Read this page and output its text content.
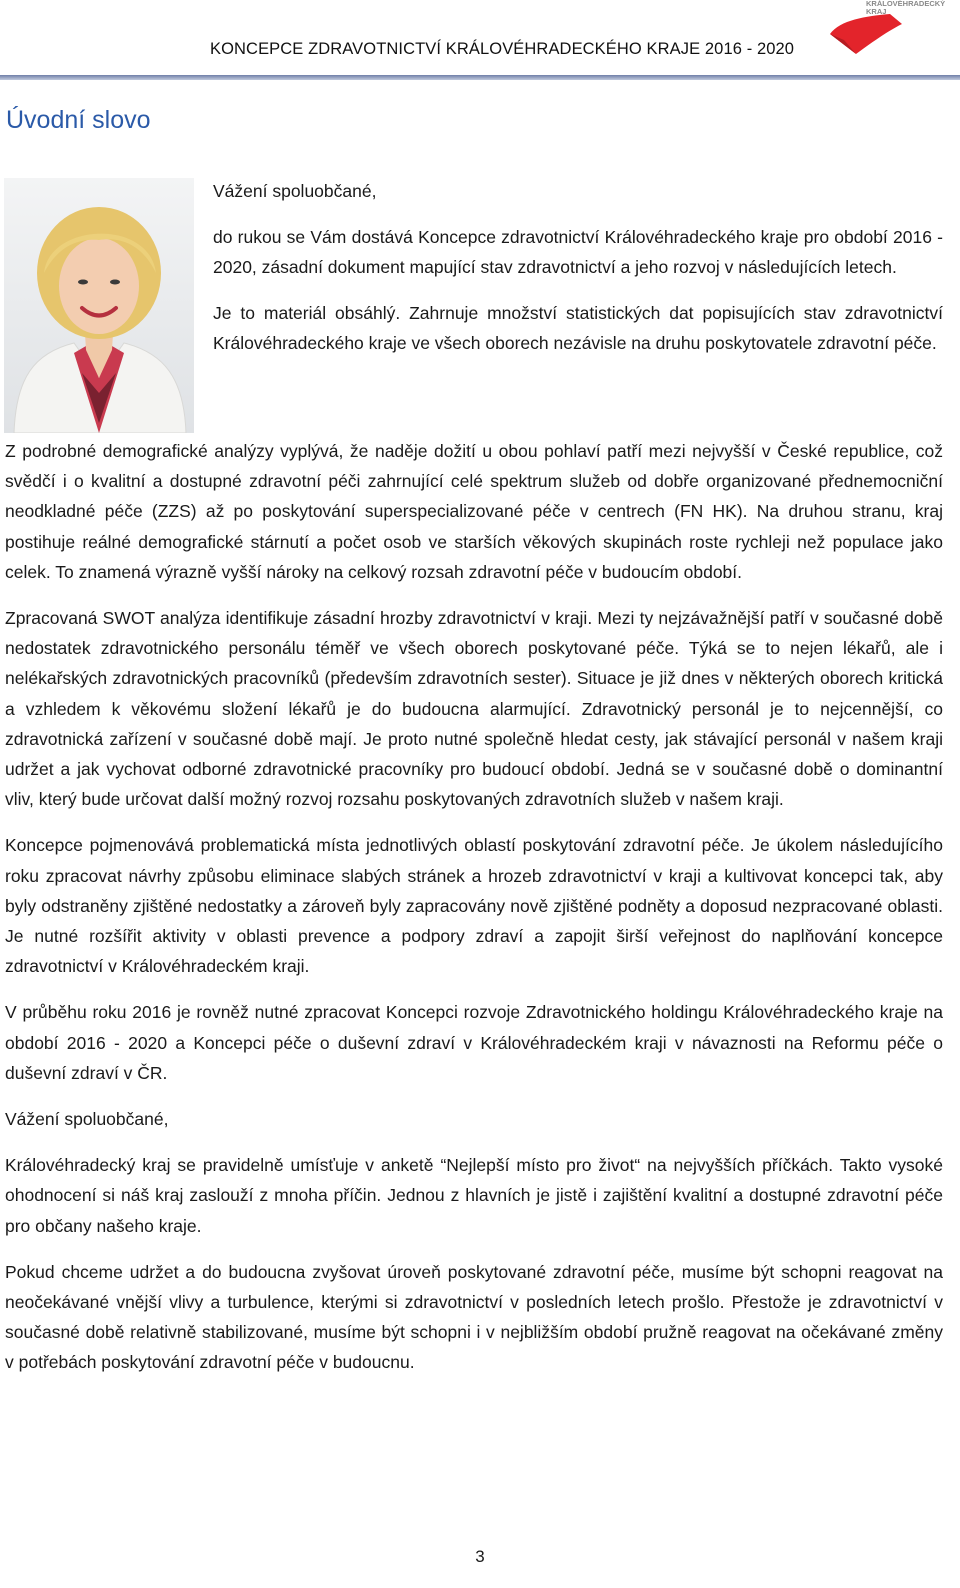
KONCEPCE ZDRAVOTNICTVÍ KRÁLOVÉHRADECKÉHO KRAJE 2016 - 2020
KRÁLOVÉHRADECKÝ
KRAJ
Úvodní slovo

Vážení spoluobčané,

do rukou se Vám dostává Koncepce zdravotnictví Královéhradeckého kraje pro období 2016 - 2020, zásadní dokument mapující stav zdravotnictví a jeho rozvoj v následujících letech.

Je to materiál obsáhlý. Zahrnuje množství statistických dat popisujících stav zdravotnictví Královéhradeckého kraje ve všech oborech nezávisle na druhu poskytovatele zdravotní péče.

Z podrobné demografické analýzy vyplývá, že naděje dožití u obou pohlaví patří mezi nejvyšší v České republice, což svědčí i o kvalitní a dostupné zdravotní péči zahrnující celé spektrum služeb od dobře organizované přednemocniční neodkladné péče (ZZS) až po poskytování superspecializované péče v centrech (FN HK). Na druhou stranu, kraj postihuje reálné demografické stárnutí a počet osob ve starších věkových skupinách roste rychleji než populace jako celek. To znamená výrazně vyšší nároky na celkový rozsah zdravotní péče v budoucím období.

Zpracovaná SWOT analýza identifikuje zásadní hrozby zdravotnictví v kraji. Mezi ty nejzávažnější patří v současné době nedostatek zdravotnického personálu téměř ve všech oborech poskytované péče. Týká se to nejen lékařů, ale i nelékařských zdravotnických pracovníků (především zdravotních sester). Situace je již dnes v některých oborech kritická a vzhledem k věkovému složení lékařů je do budoucna alarmující. Zdravotnický personál je to nejcennější, co zdravotnická zařízení v současné době mají. Je proto nutné společně hledat cesty, jak stávající personál v našem kraji udržet a jak vychovat odborné zdravotnické pracovníky pro budoucí období. Jedná se v současné době o dominantní vliv, který bude určovat další možný rozvoj rozsahu poskytovaných zdravotních služeb v našem kraji.

Koncepce pojmenovává problematická místa jednotlivých oblastí poskytování zdravotní péče. Je úkolem následujícího roku zpracovat návrhy způsobu eliminace slabých stránek a hrozeb zdravotnictví v kraji a kultivovat koncepci tak, aby byly odstraněny zjištěné nedostatky a zároveň byly zapracovány nově zjištěné podněty a doposud nezpracované oblasti. Je nutné rozšířit aktivity v oblasti prevence a podpory zdraví a zapojit širší veřejnost do naplňování koncepce zdravotnictví v Královéhradeckém kraji.

V průběhu roku 2016 je rovněž nutné zpracovat Koncepci rozvoje Zdravotnického holdingu Královéhradeckého kraje na období 2016 - 2020 a Koncepci péče o duševní zdraví v Královéhradeckém kraji v návaznosti na Reformu péče o duševní zdraví v ČR.

Vážení spoluobčané,

Královéhradecký kraj se pravidelně umísťuje v anketě “Nejlepší místo pro život“ na nejvyšších příčkách. Takto vysoké ohodnocení si náš kraj zaslouží z mnoha příčin. Jednou z hlavních je jistě i zajištění kvalitní a dostupné zdravotní péče pro občany našeho kraje.

Pokud chceme udržet a do budoucna zvyšovat úroveň poskytované zdravotní péče, musíme být schopni reagovat na neočekávané vnější vlivy a turbulence, kterými si zdravotnictví v posledních letech prošlo. Přestože je zdravotnictví v současné době relativně stabilizované, musíme být schopni i v nejbližším období pružně reagovat na očekávané změny v potřebách poskytování zdravotní péče v budoucnu.

3
